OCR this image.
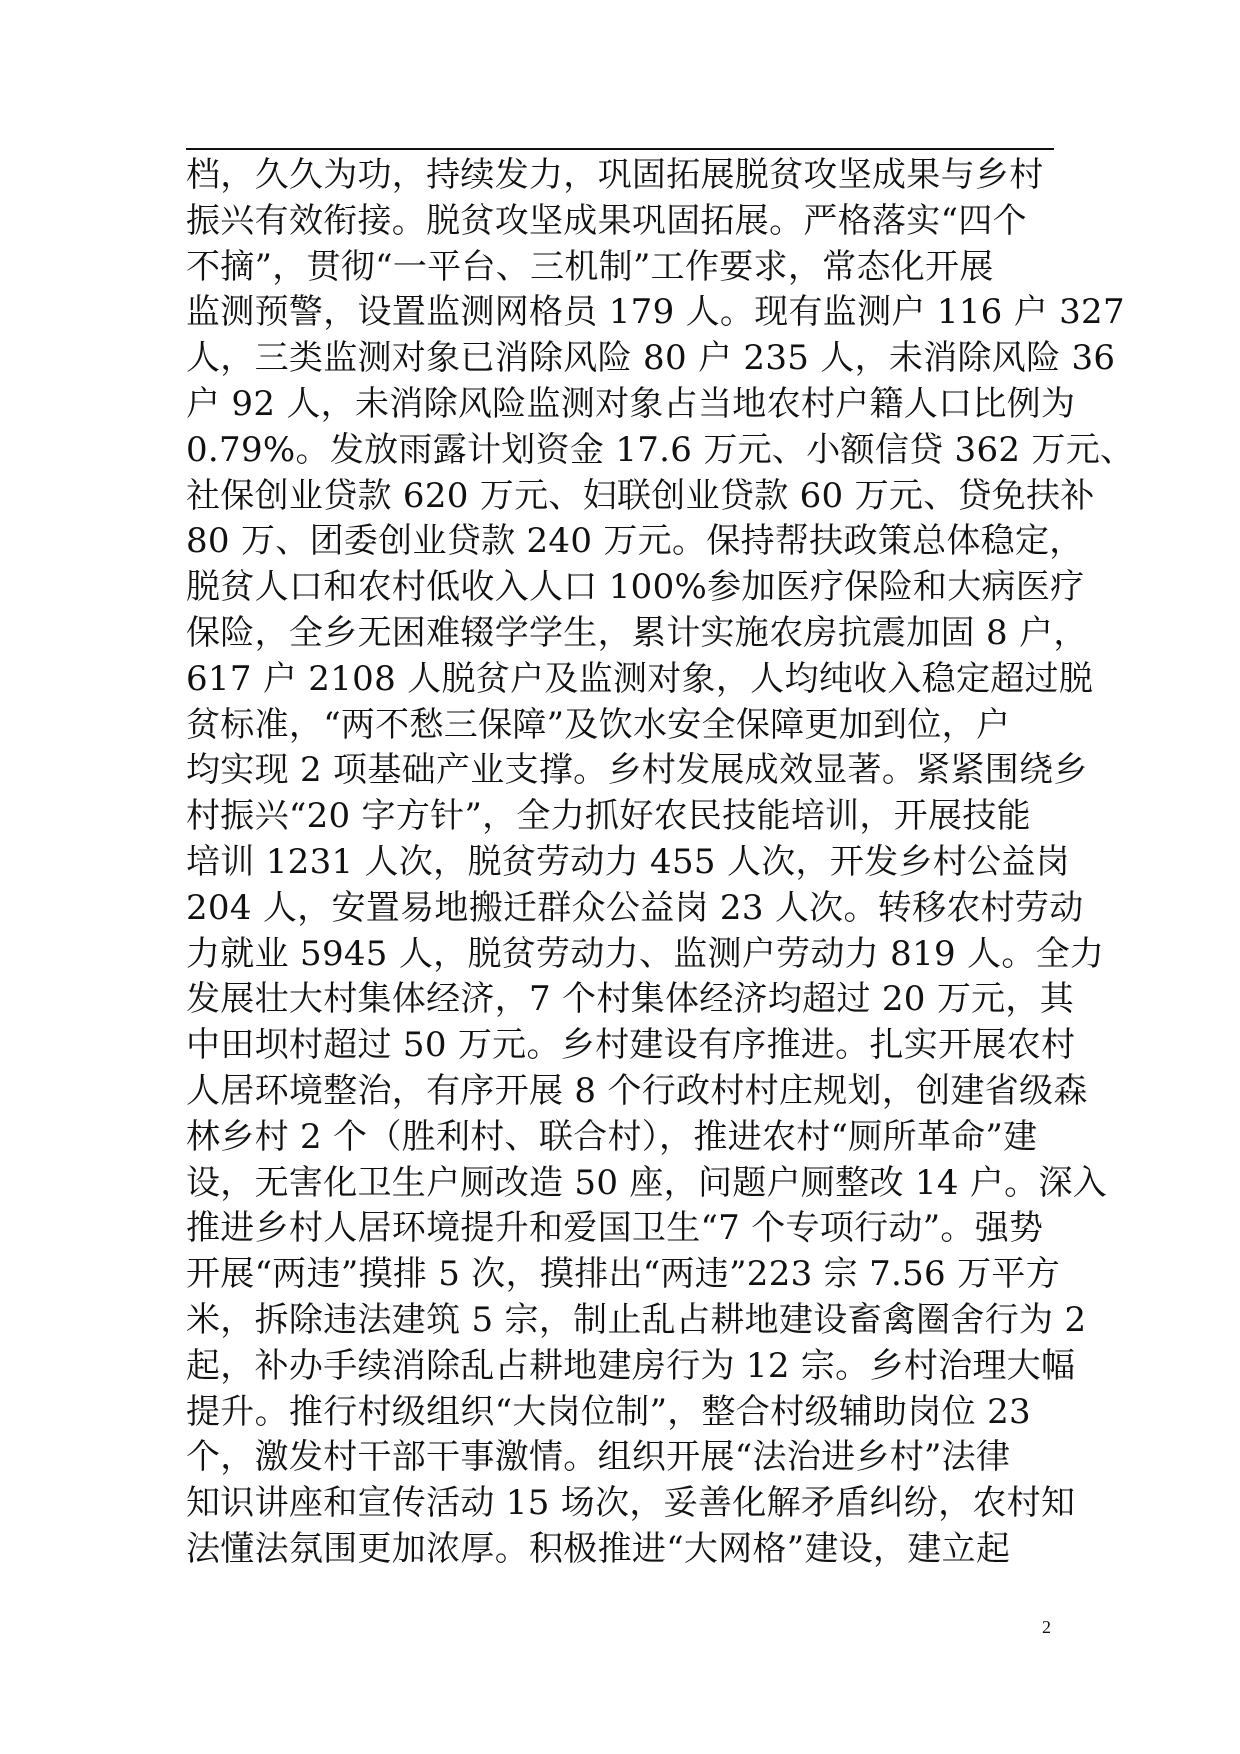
档，久久为功，持续发力，巩固拓展脱贫攻坚成果与乡村
振兴有效衔接。脱贫攻坚成果巩固拓展。严格落实“四个
不摘”，贯彻“一平台、三机制”工作要求，常态化开展
监测预警，设置监测网格员 179 人。现有监测户 116 户 327
人，三类监测对象已消除风险 80 户 235 人，未消除风险 36
户 92 人，未消除风险监测对象占当地农村户籍人口比例为
0.79%。发放雨露计划资金 17.6 万元、小额信贷 362 万元、
社保创业贷款 620 万元、妇联创业贷款 60 万元、贷免扶补
80 万、团委创业贷款 240 万元。保持帮扶政策总体稳定，
脱贫人口和农村低收入人口 100%参加医疗保险和大病医疗
保险，全乡无困难辍学学生，累计实施农房抗震加固 8 户，
617 户 2108 人脱贫户及监测对象，人均纯收入稳定超过脱
贫标准，“两不愁三保障”及饮水安全保障更加到位，户
均实现 2 项基础产业支撑。乡村发展成效显著。紧紧围绕乡
村振兴“20 字方针”，全力抓好农民技能培训，开展技能
培训 1231 人次，脱贫劳动力 455 人次，开发乡村公益岗
204 人，安置易地搬迁群众公益岗 23 人次。转移农村劳动
力就业 5945 人，脱贫劳动力、监测户劳动力 819 人。全力
发展壮大村集体经济，7 个村集体经济均超过 20 万元，其
中田坝村超过 50 万元。乡村建设有序推进。扎实开展农村
人居环境整治，有序开展 8 个行政村村庄规划，创建省级森
林乡村 2 个（胜利村、联合村），推进农村“厕所革命”建
设，无害化卫生户厕改造 50 座，问题户厕整改 14 户。深入
推进乡村人居环境提升和爱国卫生“7 个专项行动”。强势
开展“两违”摸排 5 次，摸排出“两违”223 宗 7.56 万平方
米，拆除违法建筑 5 宗，制止乱占耕地建设畜禽圈舍行为 2
起，补办手续消除乱占耕地建房行为 12 宗。乡村治理大幅
提升。推行村级组织“大岗位制”，整合村级辅助岗位 23
个，激发村干部干事激情。组织开展“法治进乡村”法律
知识讲座和宣传活动 15 场次，妥善化解矛盾纠纷，农村知
法懂法氛围更加浓厚。积极推进“大网格”建设，建立起
2
